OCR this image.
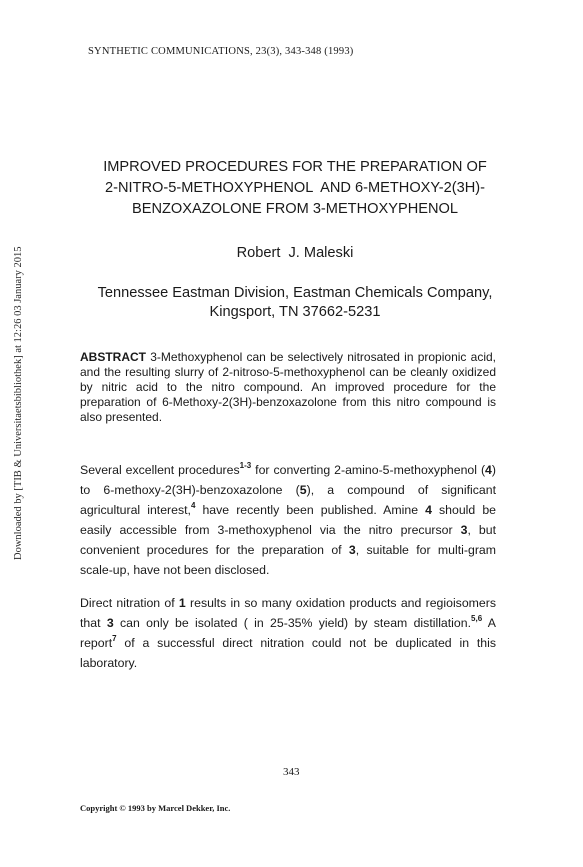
SYNTHETIC COMMUNICATIONS, 23(3), 343-348 (1993)
IMPROVED PROCEDURES FOR THE PREPARATION OF
2-NITRO-5-METHOXYPHENOL  AND 6-METHOXY-2(3H)-
BENZOXAZOLONE FROM 3-METHOXYPHENOL
Robert  J. Maleski
Tennessee Eastman Division, Eastman Chemicals Company,
Kingsport, TN 37662-5231
ABSTRACT 3-Methoxyphenol can be selectively nitrosated in propionic acid, and the resulting slurry of 2-nitroso-5-methoxyphenol can be cleanly oxidized by nitric acid to the nitro compound. An improved procedure for the preparation of 6-Methoxy-2(3H)-benzoxazolone from this nitro compound is also presented.
Several excellent procedures$^{1-3}$ for converting 2-amino-5-methoxyphenol (4) to 6-methoxy-2(3H)-benzoxazolone (5), a compound of significant agricultural interest,$^4$ have recently been published. Amine 4 should be easily accessible from 3-methoxyphenol via the nitro precursor 3, but convenient procedures for the preparation of 3, suitable for multi-gram scale-up, have not been disclosed.
Direct nitration of 1 results in so many oxidation products and regioisomers that 3 can only be isolated ( in 25-35% yield) by steam distillation.$^{5,6}$ A report$^7$ of a successful direct nitration could not be duplicated in this laboratory.
343
Copyright © 1993 by Marcel Dekker, Inc.
Downloaded by [TIB & Universitaetsbibliothek] at 12:26 03 January 2015
